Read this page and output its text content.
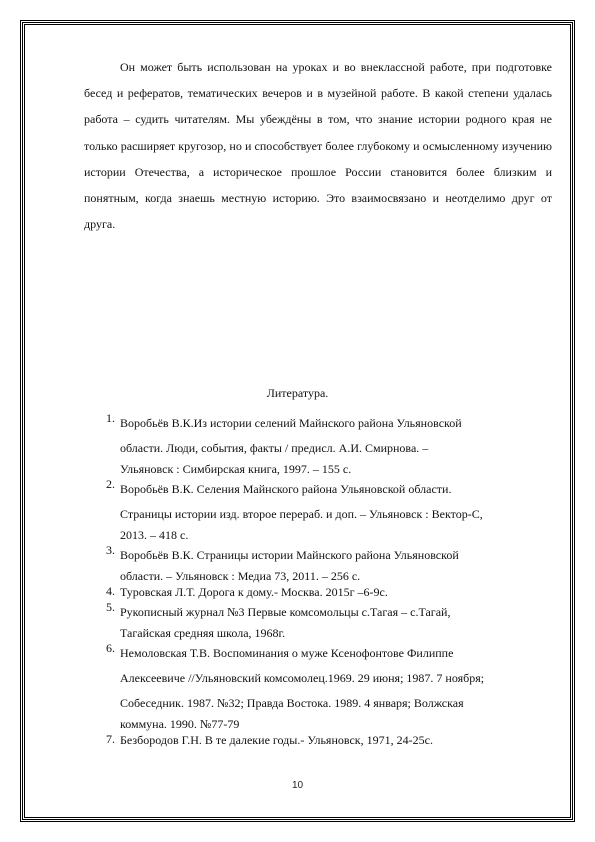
Он может быть использован на уроках и во внеклассной работе, при подготовке бесед и рефератов, тематических вечеров и в музейной работе. В какой степени удалась работа – судить читателям. Мы убеждёны в том, что знание истории родного края не только расширяет кругозор, но и способствует более глубокому и осмысленному изучению истории Отечества, а историческое прошлое России становится более близким и понятным, когда знаешь местную историю. Это взаимосвязано и неотделимо друг от друга.

Литература.

1. Воробьёв В.К.Из истории селений Майнского района Ульяновской
области. Люди, события, факты / предисл. А.И. Смирнова. –
Ульяновск : Симбирская книга, 1997. – 155 с.
2. Воробьёв В.К. Селения Майнского района Ульяновской области.
Страницы истории изд. второе перераб. и доп. – Ульяновск : Вектор-С,
2013. – 418 с.
3. Воробьёв В.К. Страницы истории Майнского района Ульяновской
области. – Ульяновск : Медиа 73, 2011. – 256 с.
4. Туровская Л.Т. Дорога к дому.- Москва. 2015г –6-9с.
5. Рукописный журнал №3 Первые комсомольцы с.Тагая – с.Тагай,
Тагайская средняя школа, 1968г.
6. Немоловская Т.В. Воспоминания о муже Ксенофонтове Филиппе
Алексеевиче //Ульяновский комсомолец.1969. 29 июня; 1987. 7 ноября;
Собеседник. 1987. №32; Правда Востока. 1989. 4 января; Волжская
коммуна. 1990. №77-79
7. Безбородов Г.Н. В те далекие годы.- Ульяновск, 1971, 24-25с.

10
